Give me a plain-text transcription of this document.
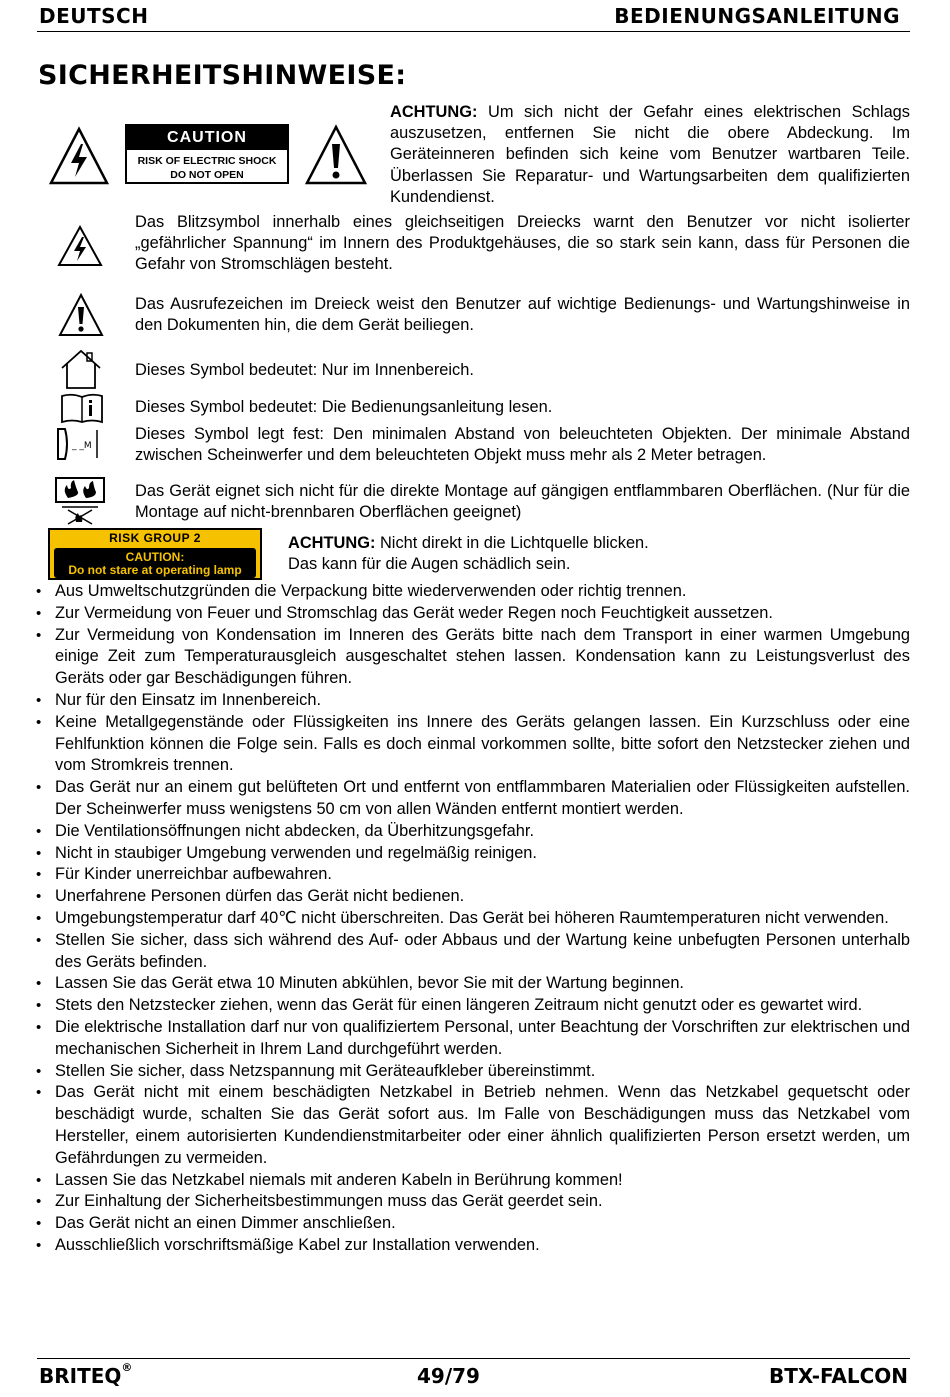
DEUTSCH	BEDIENUNGSANLEITUNG
SICHERHEITSHINWEISE:
CAUTION
RISK OF ELECTRIC SHOCK
DO NOT OPEN
ACHTUNG: Um sich nicht der Gefahr eines elektrischen Schlags auszusetzen, entfernen Sie nicht die obere Abdeckung. Im Geräteinneren befinden sich keine vom Benutzer wartbaren Teile. Überlassen Sie Reparatur- und Wartungsarbeiten dem qualifizierten Kundendienst.
Das Blitzsymbol innerhalb eines gleichseitigen Dreiecks warnt den Benutzer vor nicht isolierter „gefährlicher Spannung“ im Innern des Produktgehäuses, die so stark sein kann, dass für Personen die Gefahr von Stromschlägen besteht.
Das Ausrufezeichen im Dreieck weist den Benutzer auf wichtige Bedienungs- und Wartungshinweise in den Dokumenten hin, die dem Gerät beiliegen.
Dieses Symbol bedeutet: Nur im Innenbereich.
Dieses Symbol bedeutet: Die Bedienungsanleitung lesen.
_ _M
Dieses Symbol legt fest: Den minimalen Abstand von beleuchteten Objekten. Der minimale Abstand zwischen Scheinwerfer und dem beleuchteten Objekt muss mehr als 2 Meter betragen.
Das Gerät eignet sich nicht für die direkte Montage auf gängigen entflammbaren Oberflächen. (Nur für die Montage auf nicht-brennbaren Oberflächen geeignet)
RISK GROUP 2
CAUTION:
Do not stare at operating lamp
ACHTUNG: Nicht direkt in die Lichtquelle blicken.
Das kann für die Augen schädlich sein.
• Aus Umweltschutzgründen die Verpackung bitte wiederverwenden oder richtig trennen.
• Zur Vermeidung von Feuer und Stromschlag das Gerät weder Regen noch Feuchtigkeit aussetzen.
• Zur Vermeidung von Kondensation im Inneren des Geräts bitte nach dem Transport in einer warmen Umgebung einige Zeit zum Temperaturausgleich ausgeschaltet stehen lassen. Kondensation kann zu Leistungsverlust des Geräts oder gar Beschädigungen führen.
• Nur für den Einsatz im Innenbereich.
• Keine Metallgegenstände oder Flüssigkeiten ins Innere des Geräts gelangen lassen. Ein Kurzschluss oder eine Fehlfunktion können die Folge sein. Falls es doch einmal vorkommen sollte, bitte sofort den Netzstecker ziehen und vom Stromkreis trennen.
• Das Gerät nur an einem gut belüfteten Ort und entfernt von entflammbaren Materialien oder Flüssigkeiten aufstellen. Der Scheinwerfer muss wenigstens 50 cm von allen Wänden entfernt montiert werden.
• Die Ventilationsöffnungen nicht abdecken, da Überhitzungsgefahr.
• Nicht in staubiger Umgebung verwenden und regelmäßig reinigen.
• Für Kinder unerreichbar aufbewahren.
• Unerfahrene Personen dürfen das Gerät nicht bedienen.
• Umgebungstemperatur darf 40℃ nicht überschreiten. Das Gerät bei höheren Raumtemperaturen nicht verwenden.
• Stellen Sie sicher, dass sich während des Auf- oder Abbaus und der Wartung keine unbefugten Personen unterhalb des Geräts befinden.
• Lassen Sie das Gerät etwa 10 Minuten abkühlen, bevor Sie mit der Wartung beginnen.
• Stets den Netzstecker ziehen, wenn das Gerät für einen längeren Zeitraum nicht genutzt oder es gewartet wird.
• Die elektrische Installation darf nur von qualifiziertem Personal, unter Beachtung der Vorschriften zur elektrischen und mechanischen Sicherheit in Ihrem Land durchgeführt werden.
• Stellen Sie sicher, dass Netzspannung mit Geräteaufkleber übereinstimmt.
• Das Gerät nicht mit einem beschädigten Netzkabel in Betrieb nehmen. Wenn das Netzkabel gequetscht oder beschädigt wurde, schalten Sie das Gerät sofort aus. Im Falle von Beschädigungen muss das Netzkabel vom Hersteller, einem autorisierten Kundendienstmitarbeiter oder einer ähnlich qualifizierten Person ersetzt werden, um Gefährdungen zu vermeiden.
• Lassen Sie das Netzkabel niemals mit anderen Kabeln in Berührung kommen!
• Zur Einhaltung der Sicherheitsbestimmungen muss das Gerät geerdet sein.
• Das Gerät nicht an einen Dimmer anschließen.
• Ausschließlich vorschriftsmäßige Kabel zur Installation verwenden.
BRITEQ®	49/79	BTX-FALCON
